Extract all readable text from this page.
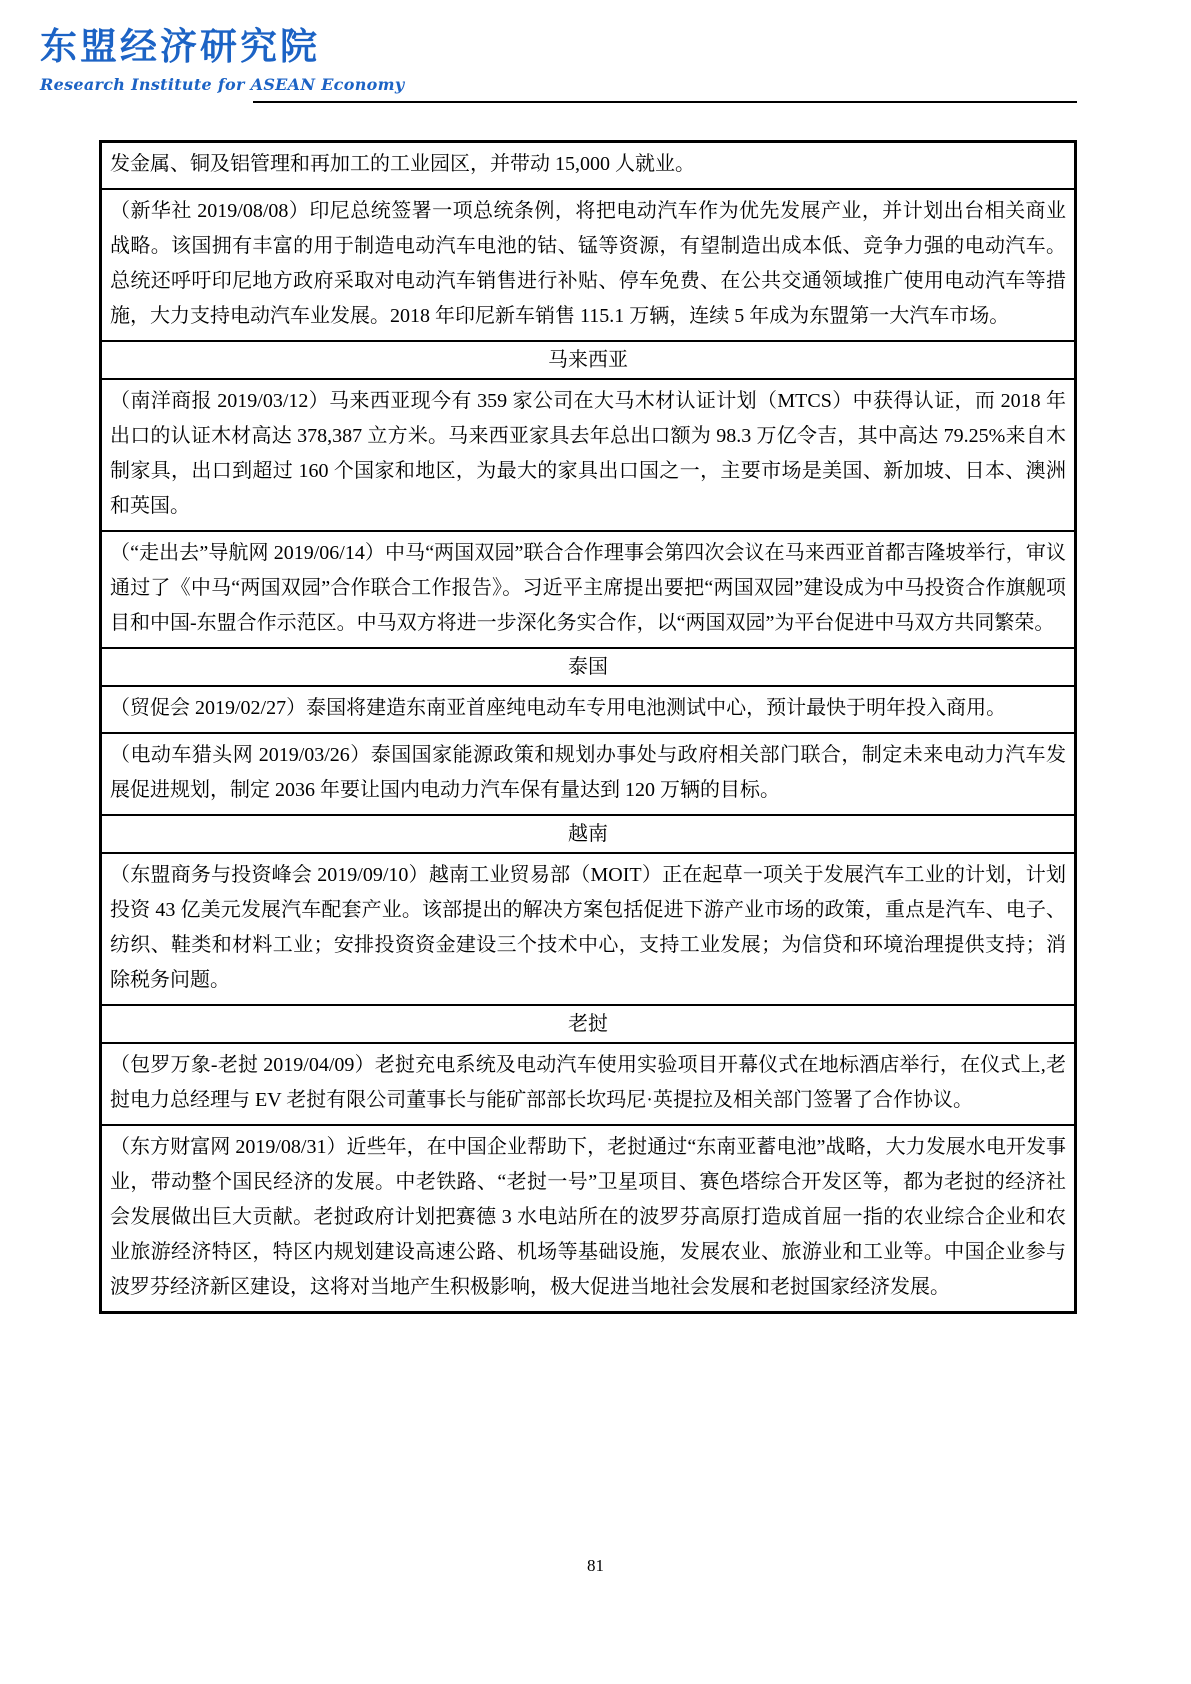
东盟经济研究院
Research Institute for ASEAN Economy
发金属、铜及铝管理和再加工的工业园区，并带动 15,000 人就业。
（新华社 2019/08/08）印尼总统签署一项总统条例，将把电动汽车作为优先发展产业，并计划出台相关商业战略。该国拥有丰富的用于制造电动汽车电池的钴、锰等资源，有望制造出成本低、竞争力强的电动汽车。总统还呼吁印尼地方政府采取对电动汽车销售进行补贴、停车免费、在公共交通领域推广使用电动汽车等措施，大力支持电动汽车业发展。2018 年印尼新车销售 115.1 万辆，连续 5 年成为东盟第一大汽车市场。
马来西亚
（南洋商报 2019/03/12）马来西亚现今有 359 家公司在大马木材认证计划（MTCS）中获得认证，而 2018 年出口的认证木材高达 378,387 立方米。马来西亚家具去年总出口额为 98.3 万亿令吉，其中高达 79.25%来自木制家具，出口到超过 160 个国家和地区，为最大的家具出口国之一，主要市场是美国、新加坡、日本、澳洲和英国。
（“走出去”导航网 2019/06/14）中马“两国双园”联合合作理事会第四次会议在马来西亚首都吉隆坡举行，审议通过了《中马“两国双园”合作联合工作报告》。习近平主席提出要把“两国双园”建设成为中马投资合作旗舰项目和中国-东盟合作示范区。中马双方将进一步深化务实合作，以“两国双园”为平台促进中马双方共同繁荣。
泰国
（贸促会 2019/02/27）泰国将建造东南亚首座纯电动车专用电池测试中心，预计最快于明年投入商用。
（电动车猎头网 2019/03/26）泰国国家能源政策和规划办事处与政府相关部门联合，制定未来电动力汽车发展促进规划，制定 2036 年要让国内电动力汽车保有量达到 120 万辆的目标。
越南
（东盟商务与投资峰会 2019/09/10）越南工业贸易部（MOIT）正在起草一项关于发展汽车工业的计划，计划投资 43 亿美元发展汽车配套产业。该部提出的解决方案包括促进下游产业市场的政策，重点是汽车、电子、纺织、鞋类和材料工业；安排投资资金建设三个技术中心，支持工业发展；为信贷和环境治理提供支持；消除税务问题。
老挝
（包罗万象-老挝 2019/04/09）老挝充电系统及电动汽车使用实验项目开幕仪式在地标酒店举行，在仪式上,老挝电力总经理与 EV 老挝有限公司董事长与能矿部部长坎玛尼·英提拉及相关部门签署了合作协议。
（东方财富网 2019/08/31）近些年，在中国企业帮助下，老挝通过“东南亚蓄电池”战略，大力发展水电开发事业，带动整个国民经济的发展。中老铁路、“老挝一号”卫星项目、赛色塔综合开发区等，都为老挝的经济社会发展做出巨大贡献。老挝政府计划把赛德 3 水电站所在的波罗芬高原打造成首屈一指的农业综合企业和农业旅游经济特区，特区内规划建设高速公路、机场等基础设施，发展农业、旅游业和工业等。中国企业参与波罗芬经济新区建设，这将对当地产生积极影响，极大促进当地社会发展和老挝国家经济发展。
81
